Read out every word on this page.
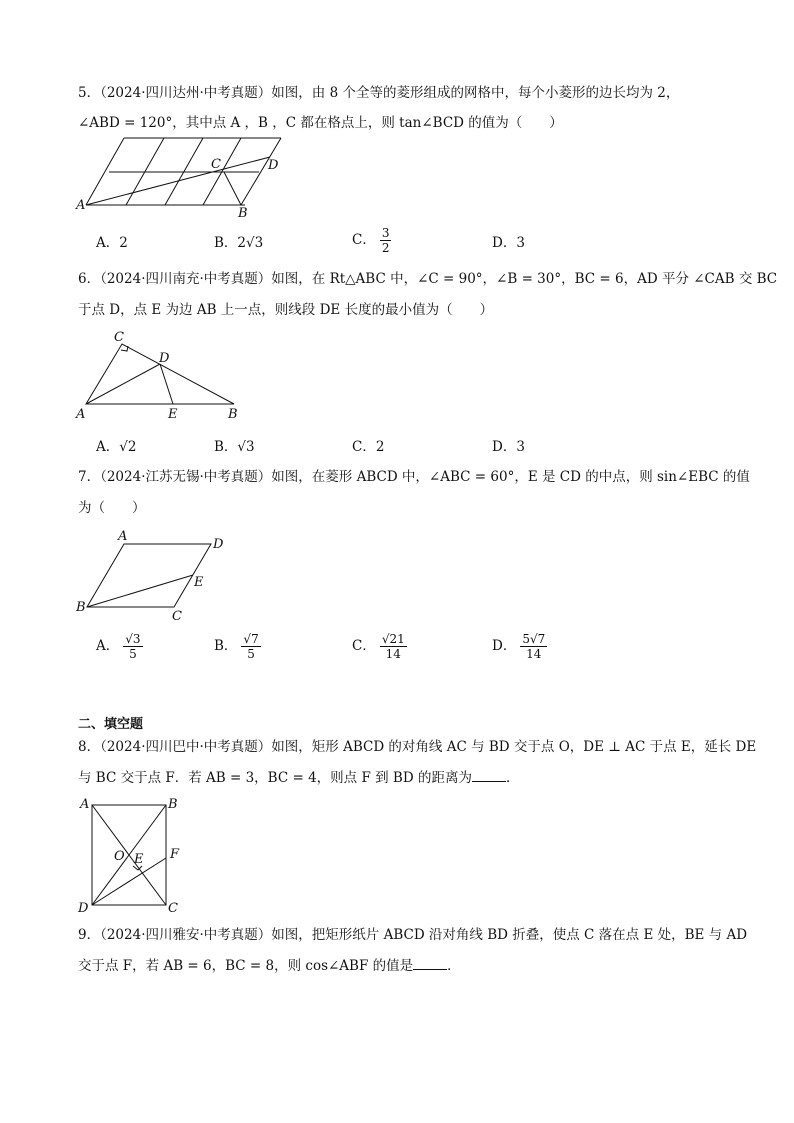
5．（2024·四川达州·中考真题）如图，由 8 个全等的菱形组成的网格中，每个小菱形的边长均为 2，
∠ABD = 120°，其中点 A ，B ，C 都在格点上，则 tan∠BCD 的值为（　　）
A
B
C	D
A．2	B．2√3	C． $\frac{3}{2}$	D．3
6．（2024·四川南充·中考真题）如图，在 Rt△ABC 中，∠C = 90°，∠B = 30°，BC = 6，AD 平分 ∠CAB 交 BC
于点 D，点 E 为边 AB 上一点，则线段 DE 长度的最小值为（　　）
A	B
C
D
E
A．√2	B．√3	C．2	D．3
7．（2024·江苏无锡·中考真题）如图，在菱形 ABCD 中，∠ABC = 60°，E 是 CD 的中点，则 sin∠EBC 的值
为（　　）
B
A
D
C
E
A． $\frac{√3}{5}$	B． $\frac{√7}{5}$	C． $\frac{√21}{14}$	D． $\frac{5√7}{14}$
二、填空题
8．（2024·四川巴中·中考真题）如图，矩形 ABCD 的对角线 AC 与 BD 交于点 O，DE ⊥ AC 于点 E，延长 DE
与 BC 交于点 F．若 AB = 3，BC = 4，则点 F 到 BD 的距离为	．
A	B
C
D
E F
O
9．（2024·四川雅安·中考真题）如图，把矩形纸片 ABCD 沿对角线 BD 折叠，使点 C 落在点 E 处，BE 与 AD
交于点 F，若 AB = 6，BC = 8，则 cos∠ABF 的值是	．
